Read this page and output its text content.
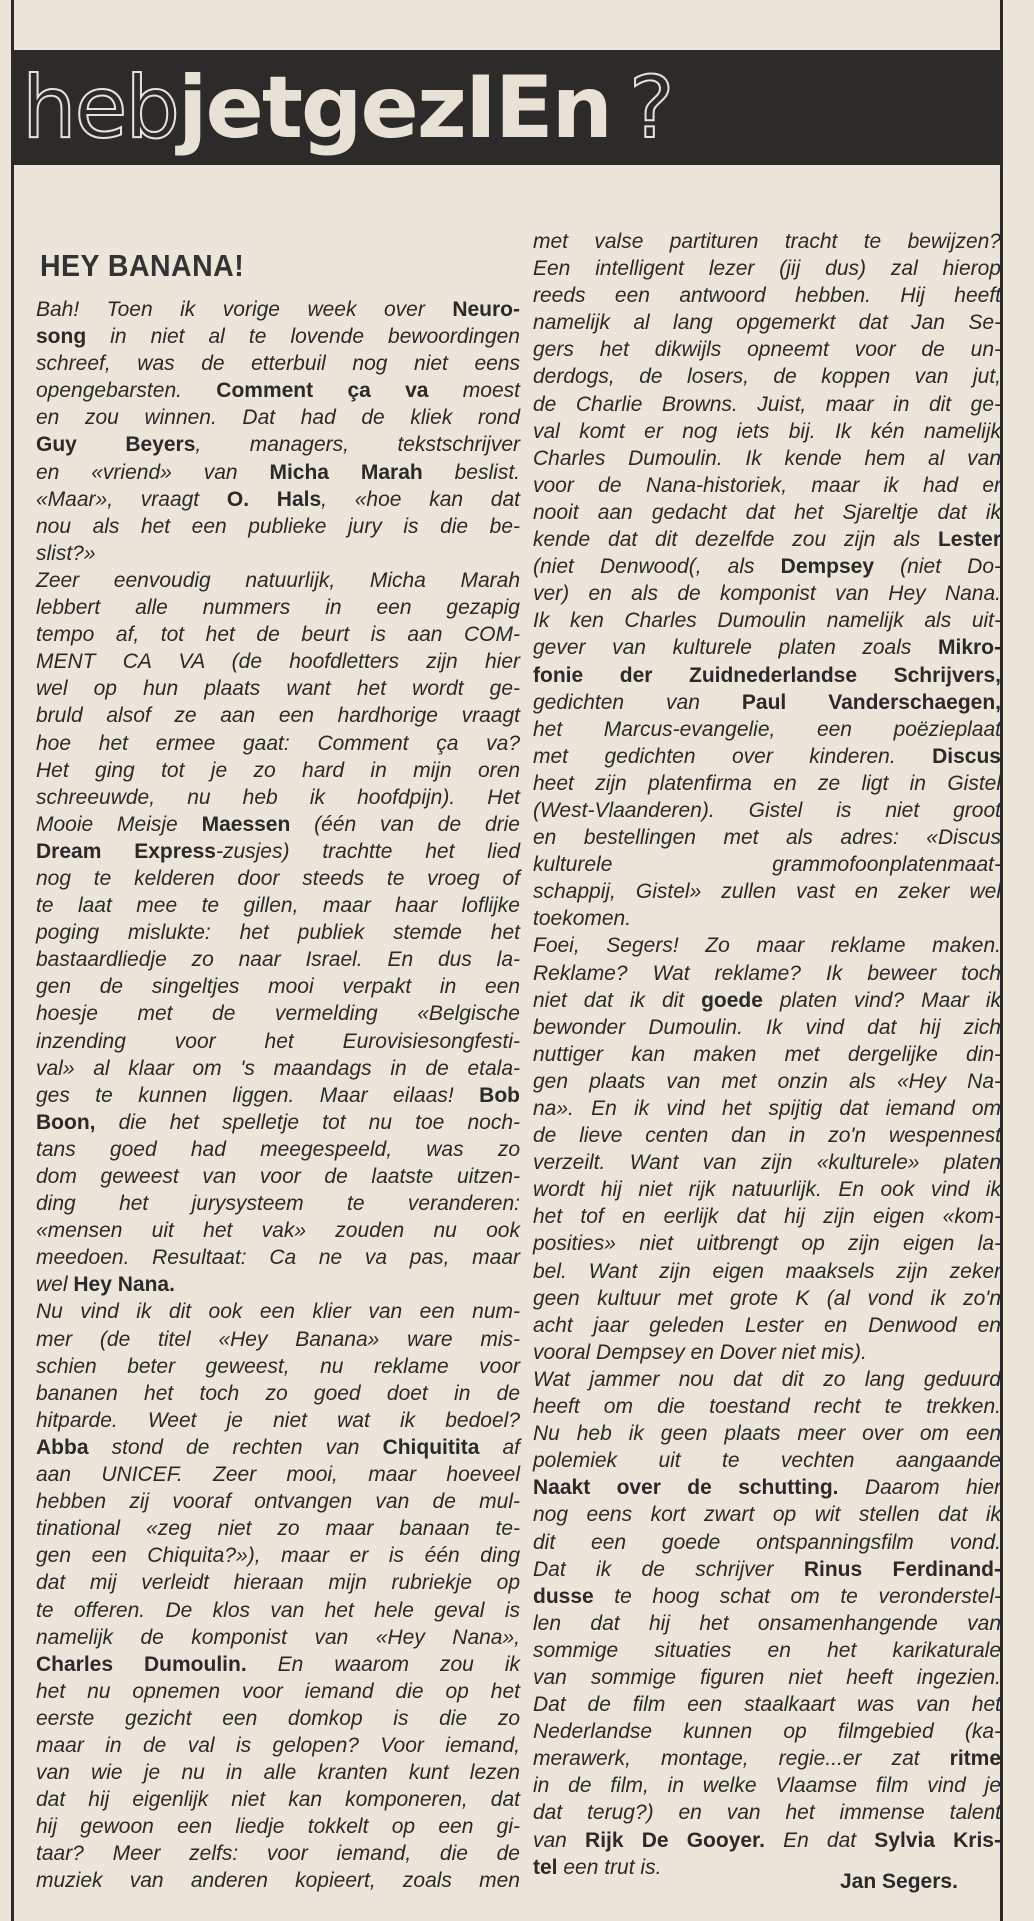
hebjetgezIEn ?
HEY BANANA!
Bah! Toen ik vorige week over Neuro-
song in niet al te lovende bewoordingen
schreef, was de etterbuil nog niet eens
opengebarsten. Comment ça va moest
en zou winnen. Dat had de kliek rond
Guy Beyers, managers, tekstschrijver
en «vriend» van Micha Marah beslist.
«Maar», vraagt O. Hals, «hoe kan dat
nou als het een publieke jury is die be-
slist?»
Zeer eenvoudig natuurlijk, Micha Marah
lebbert alle nummers in een gezapig
tempo af, tot het de beurt is aan COM-
MENT CA VA (de hoofdletters zijn hier
wel op hun plaats want het wordt ge-
bruld alsof ze aan een hardhorige vraagt
hoe het ermee gaat: Comment ça va?
Het ging tot je zo hard in mijn oren
schreeuwde, nu heb ik hoofdpijn). Het
Mooie Meisje Maessen (één van de drie
Dream Express-zusjes) trachtte het lied
nog te kelderen door steeds te vroeg of
te laat mee te gillen, maar haar loflijke
poging mislukte: het publiek stemde het
bastaardliedje zo naar Israel. En dus la-
gen de singeltjes mooi verpakt in een
hoesje met de vermelding «Belgische
inzending voor het Eurovisiesongfesti-
val» al klaar om 's maandags in de etala-
ges te kunnen liggen. Maar eilaas! Bob
Boon, die het spelletje tot nu toe noch-
tans goed had meegespeeld, was zo
dom geweest van voor de laatste uitzen-
ding het jurysysteem te veranderen:
«mensen uit het vak» zouden nu ook
meedoen. Resultaat: Ca ne va pas, maar
wel Hey Nana.
Nu vind ik dit ook een klier van een num-
mer (de titel «Hey Banana» ware mis-
schien beter geweest, nu reklame voor
bananen het toch zo goed doet in de
hitparde. Weet je niet wat ik bedoel?
Abba stond de rechten van Chiquitita af
aan UNICEF. Zeer mooi, maar hoeveel
hebben zij vooraf ontvangen van de mul-
tinational «zeg niet zo maar banaan te-
gen een Chiquita?»), maar er is één ding
dat mij verleidt hieraan mijn rubriekje op
te offeren. De klos van het hele geval is
namelijk de komponist van «Hey Nana»,
Charles Dumoulin. En waarom zou ik
het nu opnemen voor iemand die op het
eerste gezicht een domkop is die zo
maar in de val is gelopen? Voor iemand,
van wie je nu in alle kranten kunt lezen
dat hij eigenlijk niet kan komponeren, dat
hij gewoon een liedje tokkelt op een gi-
taar? Meer zelfs: voor iemand, die de
muziek van anderen kopieert, zoals men
met valse partituren tracht te bewijzen?
Een intelligent lezer (jij dus) zal hierop
reeds een antwoord hebben. Hij heeft
namelijk al lang opgemerkt dat Jan Se-
gers het dikwijls opneemt voor de un-
derdogs, de losers, de koppen van jut,
de Charlie Browns. Juist, maar in dit ge-
val komt er nog iets bij. Ik kén namelijk
Charles Dumoulin. Ik kende hem al van
voor de Nana-historiek, maar ik had er
nooit aan gedacht dat het Sjareltje dat ik
kende dat dit dezelfde zou zijn als Lester
(niet Denwood(, als Dempsey (niet Do-
ver) en als de komponist van Hey Nana.
Ik ken Charles Dumoulin namelijk als uit-
gever van kulturele platen zoals Mikro-
fonie der Zuidnederlandse Schrijvers,
gedichten van Paul Vanderschaegen,
het Marcus-evangelie, een poëzieplaat
met gedichten over kinderen. Discus
heet zijn platenfirma en ze ligt in Gistel
(West-Vlaanderen). Gistel is niet groot
en bestellingen met als adres: «Discus
kulturele grammofoonplatenmaat-
schappij, Gistel» zullen vast en zeker wel
toekomen.
Foei, Segers! Zo maar reklame maken.
Reklame? Wat reklame? Ik beweer toch
niet dat ik dit goede platen vind? Maar ik
bewonder Dumoulin. Ik vind dat hij zich
nuttiger kan maken met dergelijke din-
gen plaats van met onzin als «Hey Na-
na». En ik vind het spijtig dat iemand om
de lieve centen dan in zo'n wespennest
verzeilt. Want van zijn «kulturele» platen
wordt hij niet rijk natuurlijk. En ook vind ik
het tof en eerlijk dat hij zijn eigen «kom-
posities» niet uitbrengt op zijn eigen la-
bel. Want zijn eigen maaksels zijn zeker
geen kultuur met grote K (al vond ik zo'n
acht jaar geleden Lester en Denwood en
vooral Dempsey en Dover niet mis).
Wat jammer nou dat dit zo lang geduurd
heeft om die toestand recht te trekken.
Nu heb ik geen plaats meer over om een
polemiek uit te vechten aangaande
Naakt over de schutting. Daarom hier
nog eens kort zwart op wit stellen dat ik
dit een goede ontspanningsfilm vond.
Dat ik de schrijver Rinus Ferdinand-
dusse te hoog schat om te veronderstel-
len dat hij het onsamenhangende van
sommige situaties en het karikaturale
van sommige figuren niet heeft ingezien.
Dat de film een staalkaart was van het
Nederlandse kunnen op filmgebied (ka-
merawerk, montage, regie...er zat ritme
in de film, in welke Vlaamse film vind je
dat terug?) en van het immense talent
van Rijk De Gooyer. En dat Sylvia Kris-
tel een trut is.
Jan Segers.
